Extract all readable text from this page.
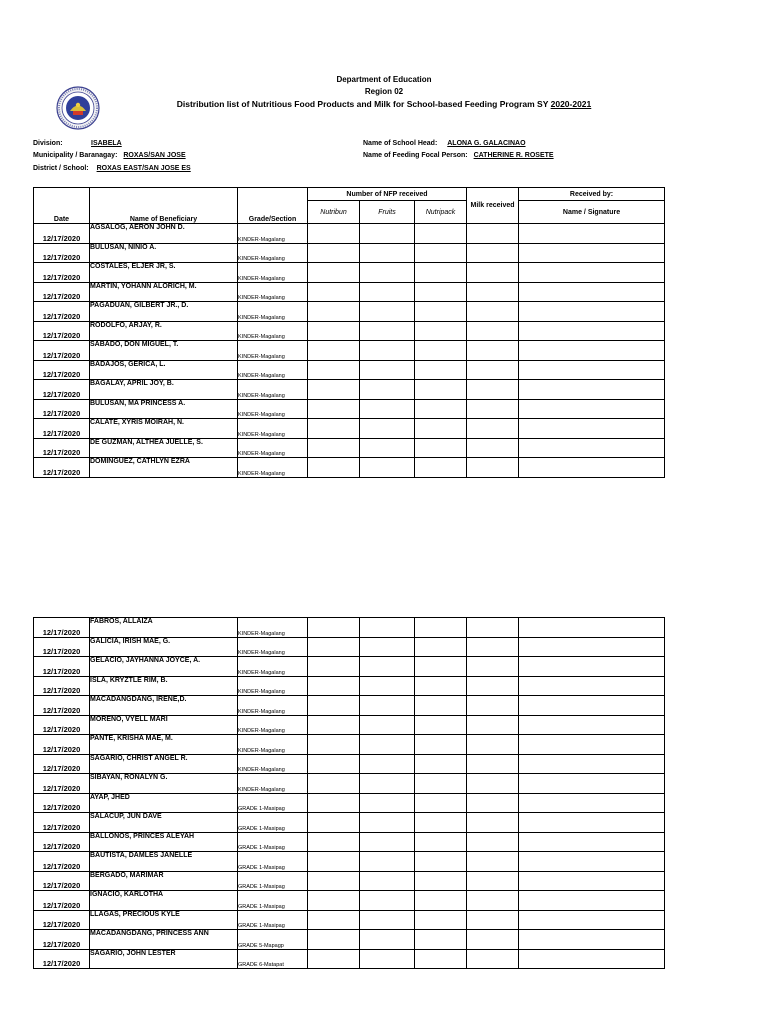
Department of Education
Region 02
Distribution list of Nutritious Food Products and Milk for School-based Feeding Program SY 2020-2021
Division:	ISABELA
Municipality / Baranagay: ROXAS/SAN JOSE
District / School: ROXAS EAST/SAN JOSE ES
Name of School Head: ALONA G. GALACINAO
Name of Feeding Focal Person: CATHERINE R. ROSETE
Date	Name of Beneficiary	Grade/Section	Number of NFP received			Milk received	Received by:
			Nutribun	Fruits	Nutripack		Name / Signature
12/17/2020	AGSALOG, AERON JOHN D.	KINDER-Magalang					
12/17/2020	BULUSAN, NINIO A.	KINDER-Magalang					
12/17/2020	COSTALES, ELJER JR, S.	KINDER-Magalang					
12/17/2020	MARTIN, YOHANN ALORICH, M.	KINDER-Magalang					
12/17/2020	PAGADUAN, GILBERT JR., D.	KINDER-Magalang					
12/17/2020	RODOLFO, ARJAY, R.	KINDER-Magalang					
12/17/2020	SABADO, DON MIGUEL, T.	KINDER-Magalang					
12/17/2020	BADAJOS, GERICA, L.	KINDER-Magalang					
12/17/2020	BAGALAY, APRIL JOY, B.	KINDER-Magalang					
12/17/2020	BULUSAN, MA PRINCESS A.	KINDER-Magalang					
12/17/2020	CALATE, XYRIS MOIRAH, N.	KINDER-Magalang					
12/17/2020	DE GUZMAN, ALTHEA JUELLE, S.	KINDER-Magalang					
12/17/2020	DOMINGUEZ, CATHLYN EZRA	KINDER-Magalang					
12/17/2020	FABROS, ALLAIZA	KINDER-Magalang					
12/17/2020	GALICIA, IRISH MAE, G.	KINDER-Magalang					
12/17/2020	GELACIO, JAYHANNA JOYCE, A.	KINDER-Magalang					
12/17/2020	ISLA, KRYZTLE RIM, B.	KINDER-Magalang					
12/17/2020	MACADANGDANG, IRENE,D.	KINDER-Magalang					
12/17/2020	MORENO, VYELL MARI	KINDER-Magalang					
12/17/2020	PANTE, KRISHA MAE, M.	KINDER-Magalang					
12/17/2020	SAGARIO, CHRIST ANGEL R.	KINDER-Magalang					
12/17/2020	SIBAYAN, RONALYN G.	KINDER-Magalang					
12/17/2020	AYAP, JHED	GRADE 1-Masipag					
12/17/2020	SALACUP, JUN DAVE	GRADE 1-Masipag					
12/17/2020	BALLONOS, PRINCES ALEYAH	GRADE 1-Masipag					
12/17/2020	BAUTISTA, DAMLES JANELLE	GRADE 1-Masipag					
12/17/2020	BERGADO, MARIMAR	GRADE 1-Masipag					
12/17/2020	IGNACIO, KARLOTHA	GRADE 1-Masipag					
12/17/2020	LLAGAS, PRECIOUS KYLE	GRADE 1-Masipag					
12/17/2020	MACADANGDANG, PRINCESS ANN	GRADE 5-Mapagp					
12/17/2020	SAGARIO, JOHN LESTER	GRADE 6-Matapat					
